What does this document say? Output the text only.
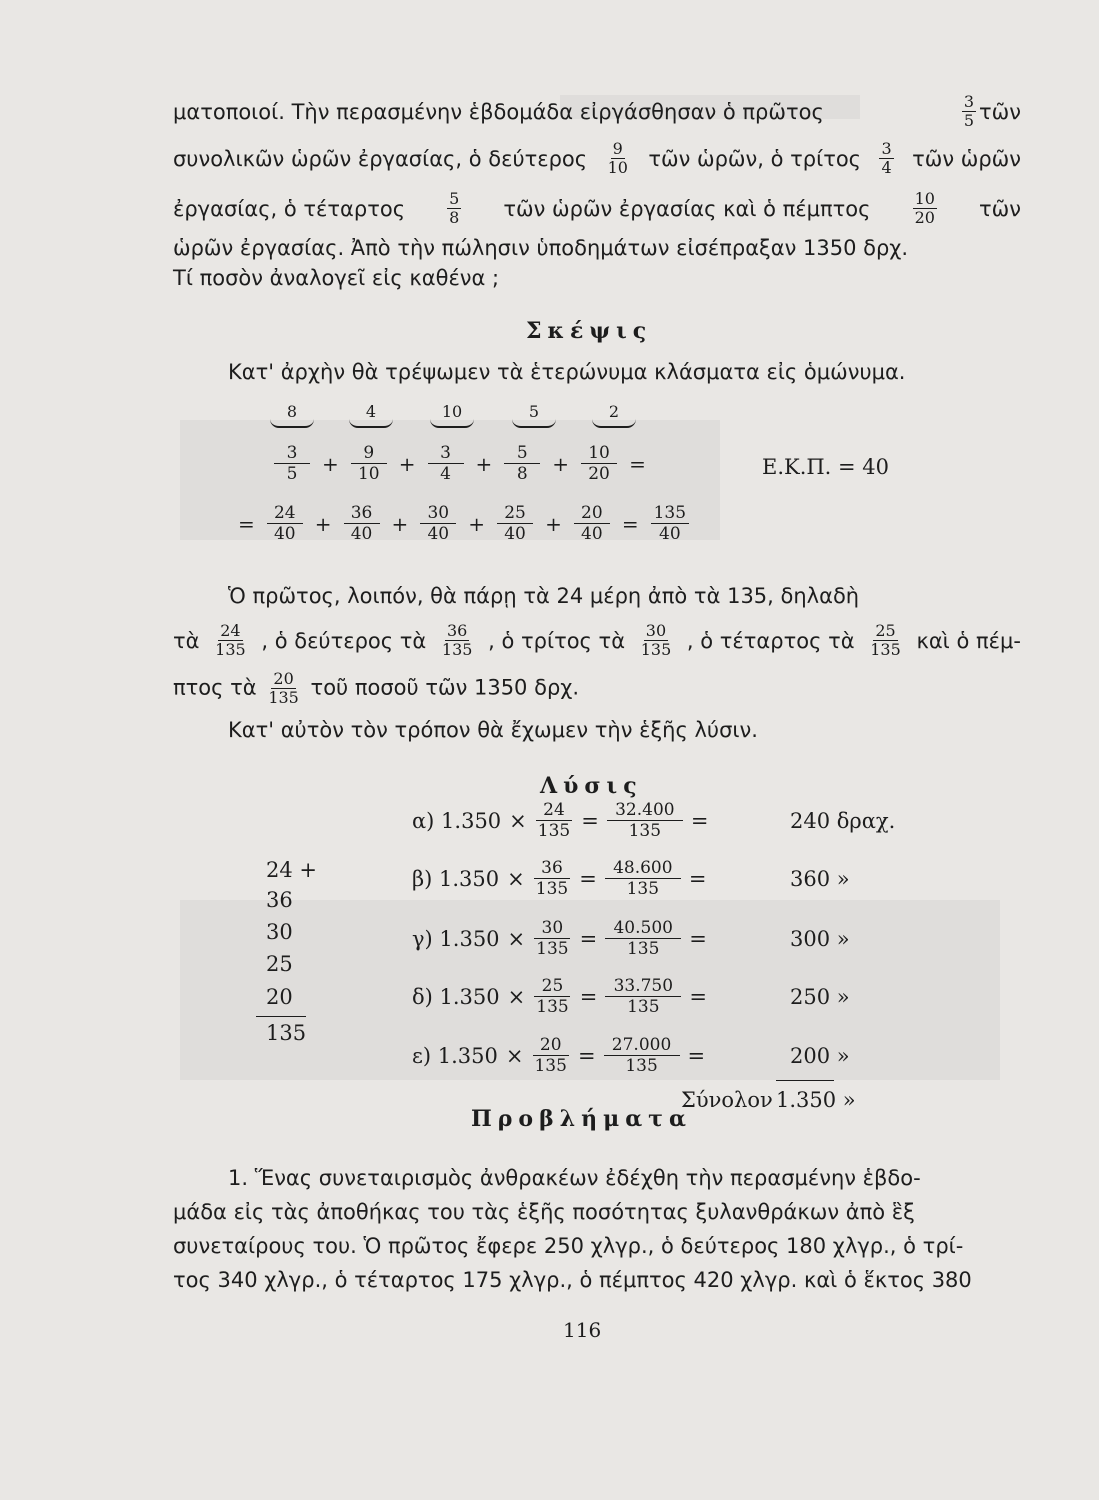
ματοποιοί. Τὴν περασμένην ἑβδομάδα εἰργάσθησαν ὁ πρῶτος	$\frac{3}{5}$ τῶν
συνολικῶν ὡρῶν ἐργασίας, ὁ δεύτερος $\frac{9}{10}$ τῶν ὡρῶν, ὁ τρίτος $\frac{3}{4}$ τῶν ὡρῶν
ἐργασίας, ὁ τέταρτος	$\frac{5}{8}$ τῶν ὡρῶν ἐργασίας καὶ ὁ πέμπτος	$\frac{10}{20}$ τῶν
ὡρῶν ἐργασίας. Ἀπὸ τὴν πώλησιν ὑποδημάτων εἰσέπραξαν 1350 δρχ.
Τί ποσὸν ἀναλογεῖ εἰς καθένα ;
Σκέψις
Κατ' ἀρχὴν θὰ τρέψωμεν τὰ ἑτερώνυμα κλάσματα εἰς ὁμώνυμα.
8	4	10	5	2
$\frac{3}{5} + \frac{9}{10} + \frac{3}{4} + \frac{5}{8} + \frac{10}{20}$ =	Ε.Κ.Π. = 40
= $\frac{24}{40} + \frac{36}{40} + \frac{30}{40} + \frac{25}{40} + \frac{20}{40} = \frac{135}{40}$
Ὁ πρῶτος, λοιπόν, θὰ πάρῃ τὰ 24 μέρη ἀπὸ τὰ 135, δηλαδὴ
τὰ $\frac{24}{135}$ , ὁ δεύτερος τὰ $\frac{36}{135}$ , ὁ τρίτος τὰ $\frac{30}{135}$ , ὁ τέταρτος τὰ $\frac{25}{135}$ καὶ ὁ πέμ-
πτος τὰ $\frac{20}{135}$ τοῦ ποσοῦ τῶν 1350 δρχ.
Κατ' αὐτὸν τὸν τρόπον θὰ ἔχωμεν τὴν ἑξῆς λύσιν.
Λύσις
24 +
36
30
25
20
135
α) $1.350 \times \frac{24}{135} = \frac{32.400}{135}$ =	240 δραχ.
β) $1.350 \times \frac{36}{135} = \frac{48.600}{135}$ =	360 »
γ) $1.350 \times \frac{30}{135} = \frac{40.500}{135}$ =	300 »
δ) $1.350 \times \frac{25}{135} = \frac{33.750}{135}$ =	250 »
ε) $1.350 \times \frac{20}{135} = \frac{27.000}{135}$ =	200 »
Σύνολον 1.350 »
Προβλήματα
1. Ἕνας συνεταιρισμὸς ἀνθρακέων ἐδέχθη τὴν περασμένην ἑβδο-
μάδα εἰς τὰς ἀποθήκας του τὰς ἑξῆς ποσότητας ξυλανθράκων ἀπὸ ἓξ
συνεταίρους του. Ὁ πρῶτος ἔφερε 250 χλγρ., ὁ δεύτερος 180 χλγρ., ὁ τρί-
τος 340 χλγρ., ὁ τέταρτος 175 χλγρ., ὁ πέμπτος 420 χλγρ. καὶ ὁ ἕκτος 380
116
